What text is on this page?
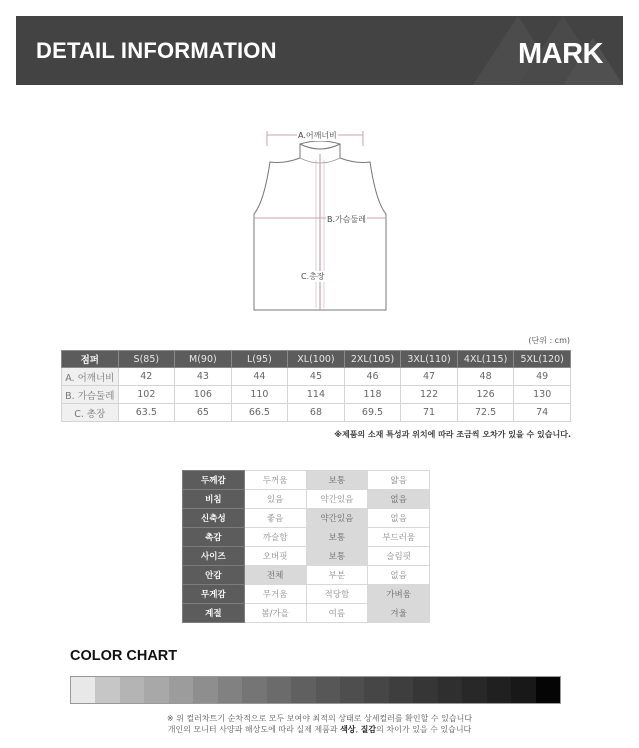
DETAIL INFORMATION	MARK
A.어깨너비
B.가슴둘레
C.총장
(단위 : cm)
점퍼	S(85)	M(90)	L(95)	XL(100)	2XL(105)	3XL(110)	4XL(115)	5XL(120)
A. 어깨너비	42	43	44	45	46	47	48	49
B. 가슴둘레	102	106	110	114	118	122	126	130
C. 총장	63.5	65	66.5	68	69.5	71	72.5	74
※제품의 소재 특성과 위치에 따라 조금씩 오차가 있을 수 있습니다.
두께감	두꺼움	보통	얇음
비침	있음	약간있음	없음
신축성	좋음	약간있음	없음
촉감	까슬함	보통	부드러움
사이즈	오버핏	보통	슬림핏
안감	전체	부분	없음
무게감	무거움	적당함	가벼움
계절	봄/가을	여름	겨울
COLOR CHART
※ 위 컬러차트기 순차적으로 모두 보여야 최적의 상태로 상세컬러를 확인할 수 있습니다
개인의 모니터 사양과 해상도에 따라 실제 제품과 색상, 질감의 차이가 있을 수 있습니다
